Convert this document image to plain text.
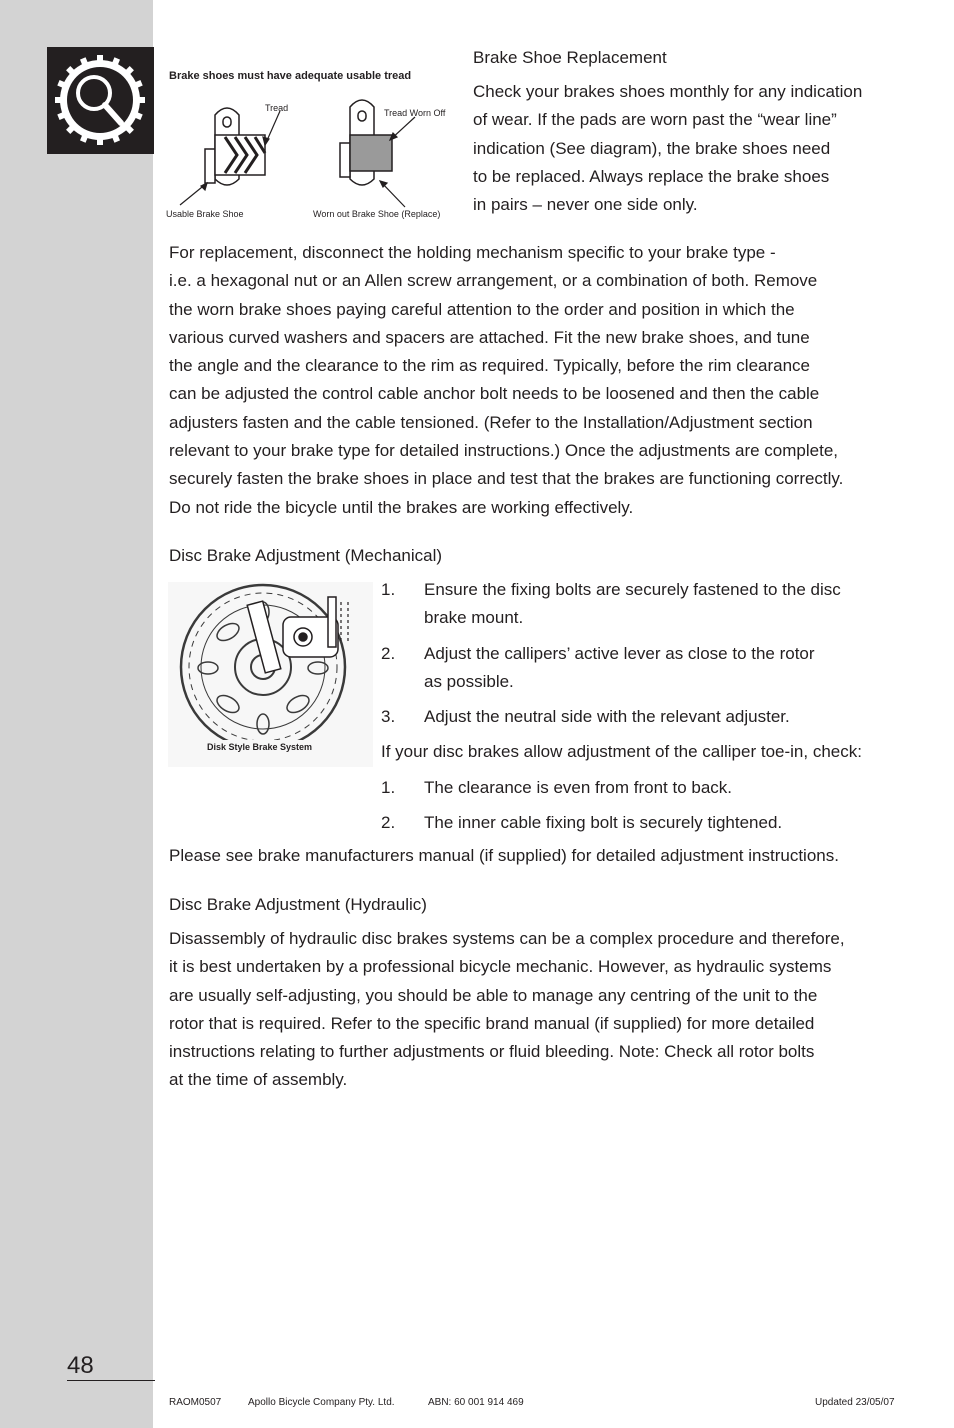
48
Brake shoes must have adequate usable tread
Tread	Tread Worn Off
Usable Brake Shoe	Worn out Brake Shoe (Replace)
Brake Shoe Replacement
Check your brakes shoes monthly for any indication
of wear. If the pads are worn past the “wear line”
indication (See diagram), the brake shoes need
to be replaced. Always replace the brake shoes
in pairs – never one side only.
For replacement, disconnect the holding mechanism specific to your brake type -
i.e. a hexagonal nut or an Allen screw arrangement, or a combination of both. Remove
the worn brake shoes paying careful attention to the order and position in which the
various curved washers and spacers are attached. Fit the new brake shoes, and tune
the angle and the clearance to the rim as required. Typically, before the rim clearance
can be adjusted the control cable anchor bolt needs to be loosened and then the cable
adjusters fasten and the cable tensioned. (Refer to the Installation/Adjustment section
relevant to your brake type for detailed instructions.) Once the adjustments are complete,
securely fasten the brake shoes in place and test that the brakes are functioning correctly.
Do not ride the bicycle until the brakes are working effectively.
Disc Brake Adjustment (Mechanical)
Disk Style Brake System
1. Ensure the fixing bolts are securely fastened to the disc
brake mount.
2. Adjust the callipers’ active lever as close to the rotor
as possible.
3. Adjust the neutral side with the relevant adjuster.
If your disc brakes allow adjustment of the calliper toe-in, check:
1. The clearance is even from front to back.
2. The inner cable fixing bolt is securely tightened.
Please see brake manufacturers manual (if supplied) for detailed adjustment instructions.
Disc Brake Adjustment (Hydraulic)
Disassembly of hydraulic disc brakes systems can be a complex procedure and therefore,
it is best undertaken by a professional bicycle mechanic. However, as hydraulic systems
are usually self-adjusting, you should be able to manage any centring of the unit to the
rotor that is required. Refer to the specific brand manual (if supplied) for more detailed
instructions relating to further adjustments or fluid bleeding. Note: Check all rotor bolts
at the time of assembly.
RAOM0507	Apollo Bicycle Company Pty. Ltd.	ABN: 60 001 914 469	Updated 23/05/07
